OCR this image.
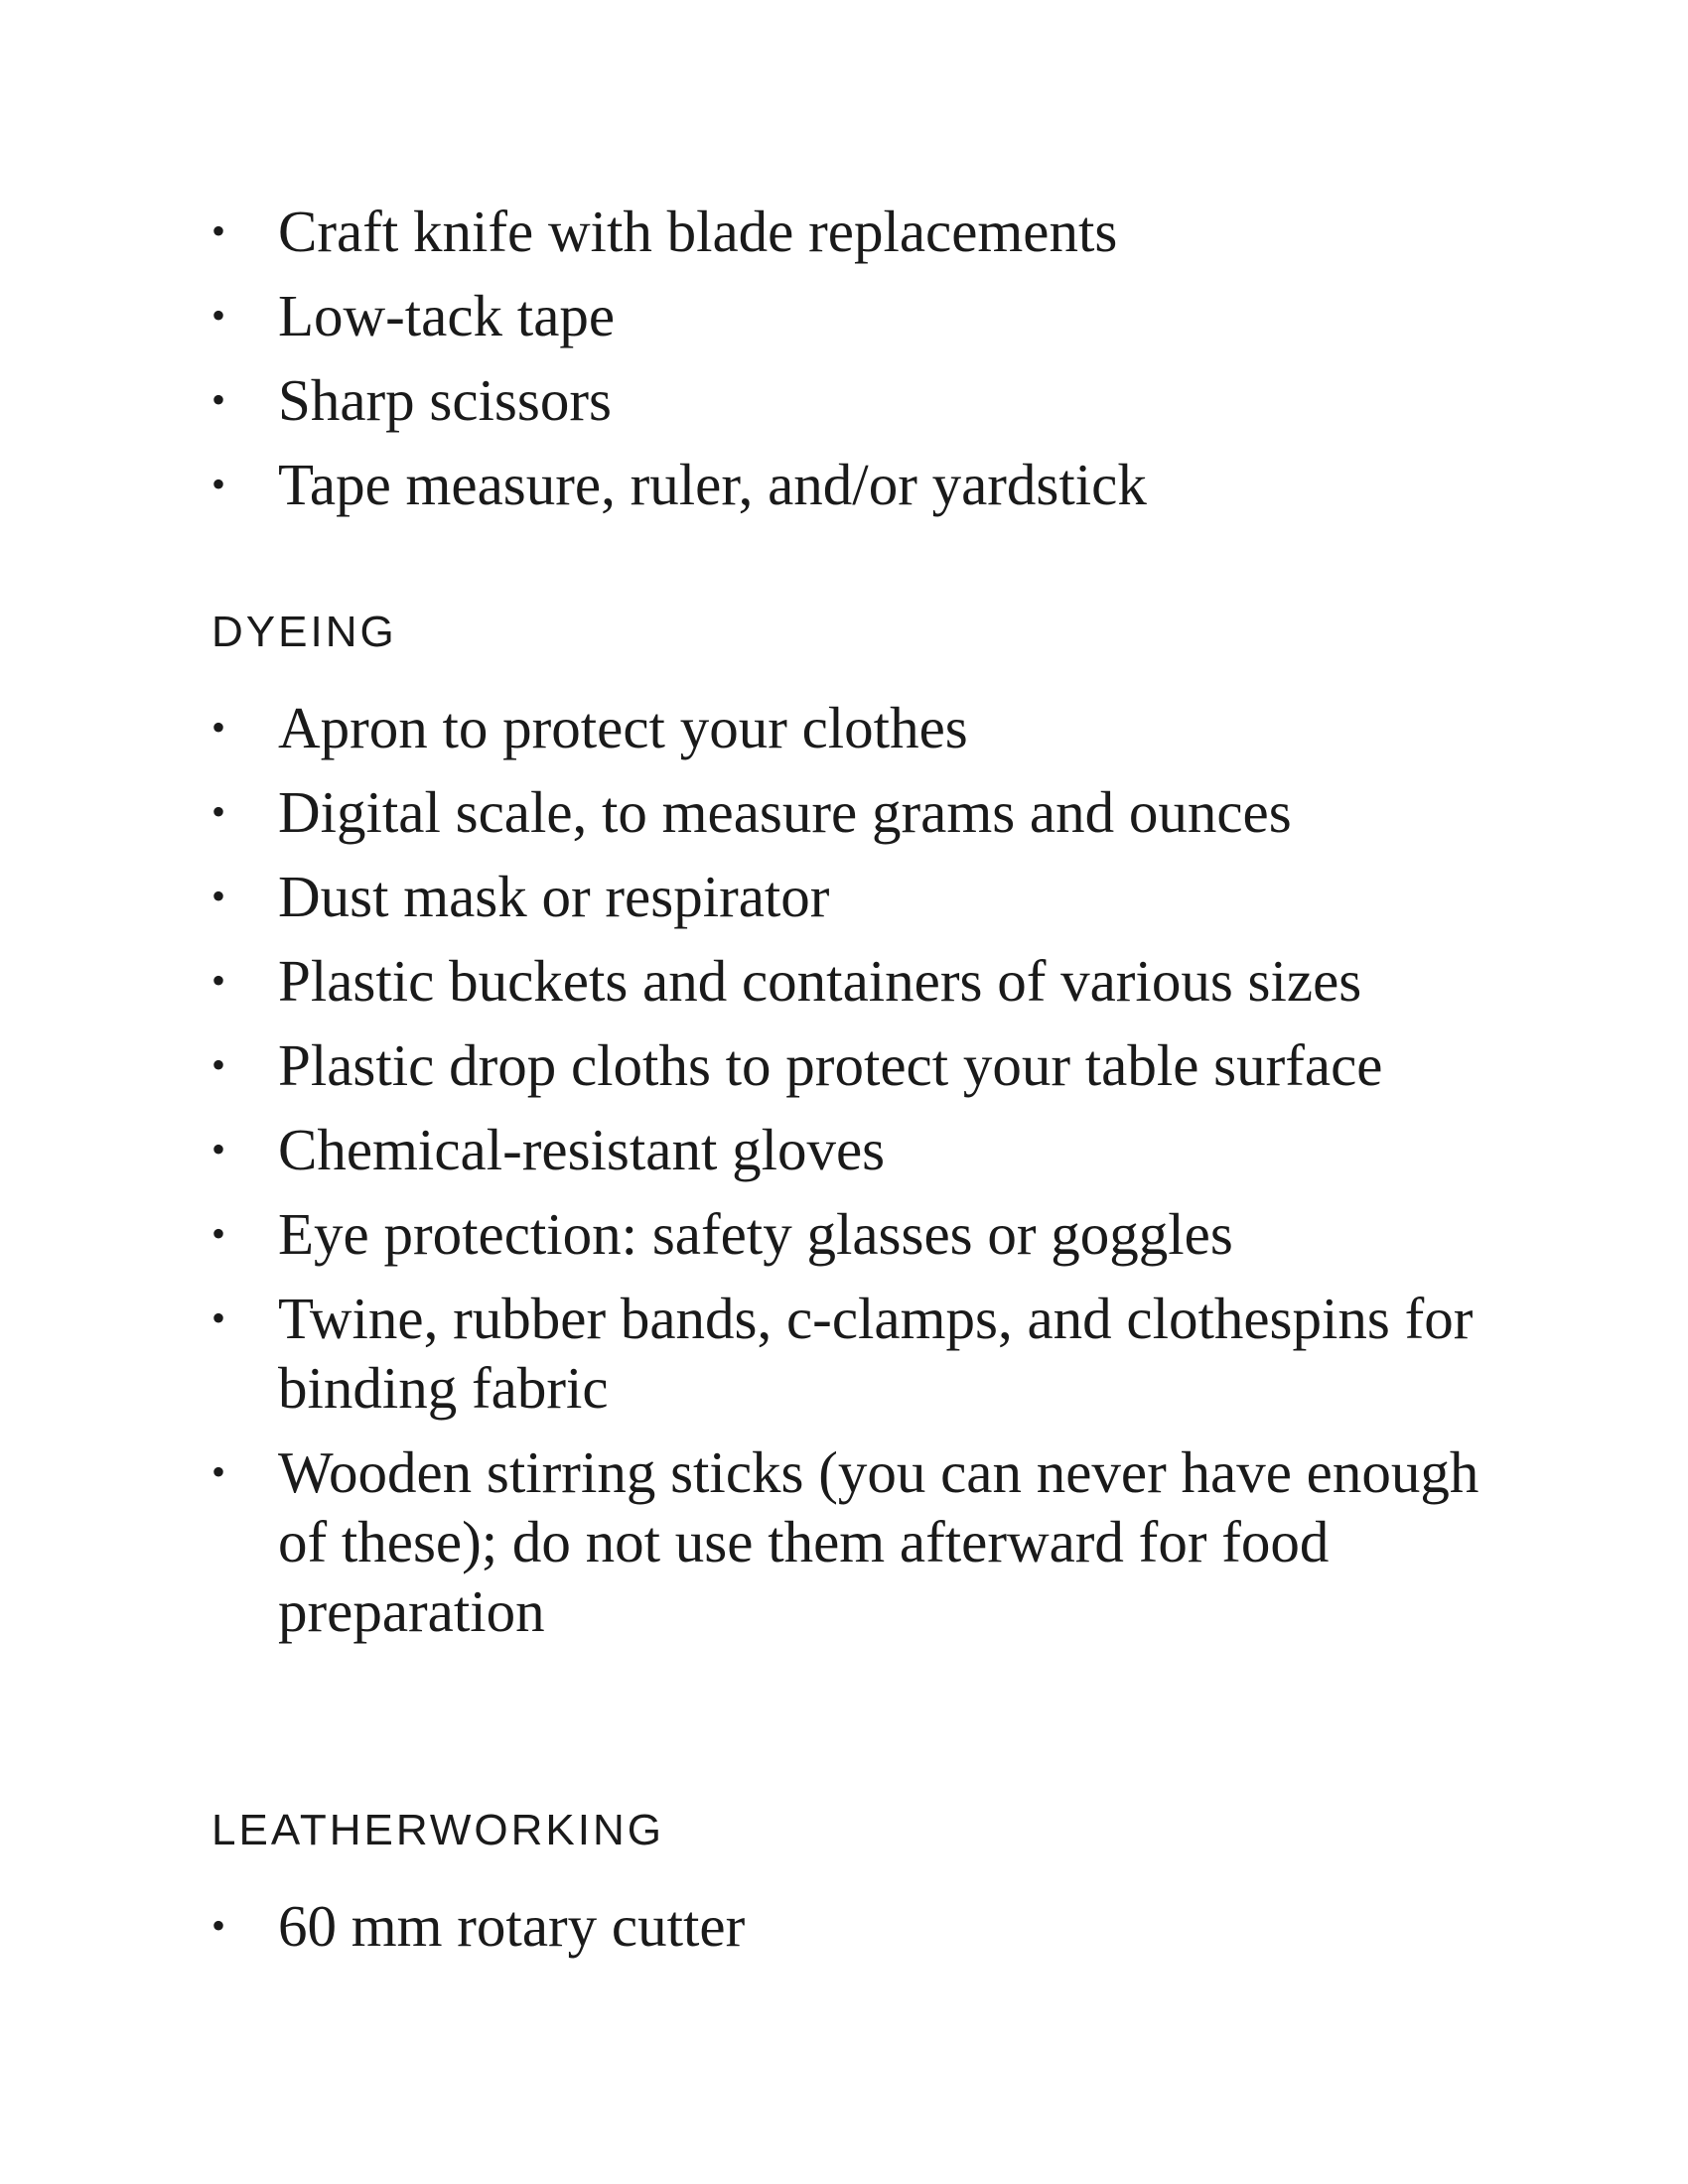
• Craft knife with blade replacements
• Low-tack tape
• Sharp scissors
• Tape measure, ruler, and/or yardstick
DYEING
• Apron to protect your clothes
• Digital scale, to measure grams and ounces
• Dust mask or respirator
• Plastic buckets and containers of various sizes
• Plastic drop cloths to protect your table surface
• Chemical-resistant gloves
• Eye protection: safety glasses or goggles
• Twine, rubber bands, c-clamps, and clothespins for binding fabric
• Wooden stirring sticks (you can never have enough of these); do not use them afterward for food preparation
LEATHERWORKING
• 60 mm rotary cutter
